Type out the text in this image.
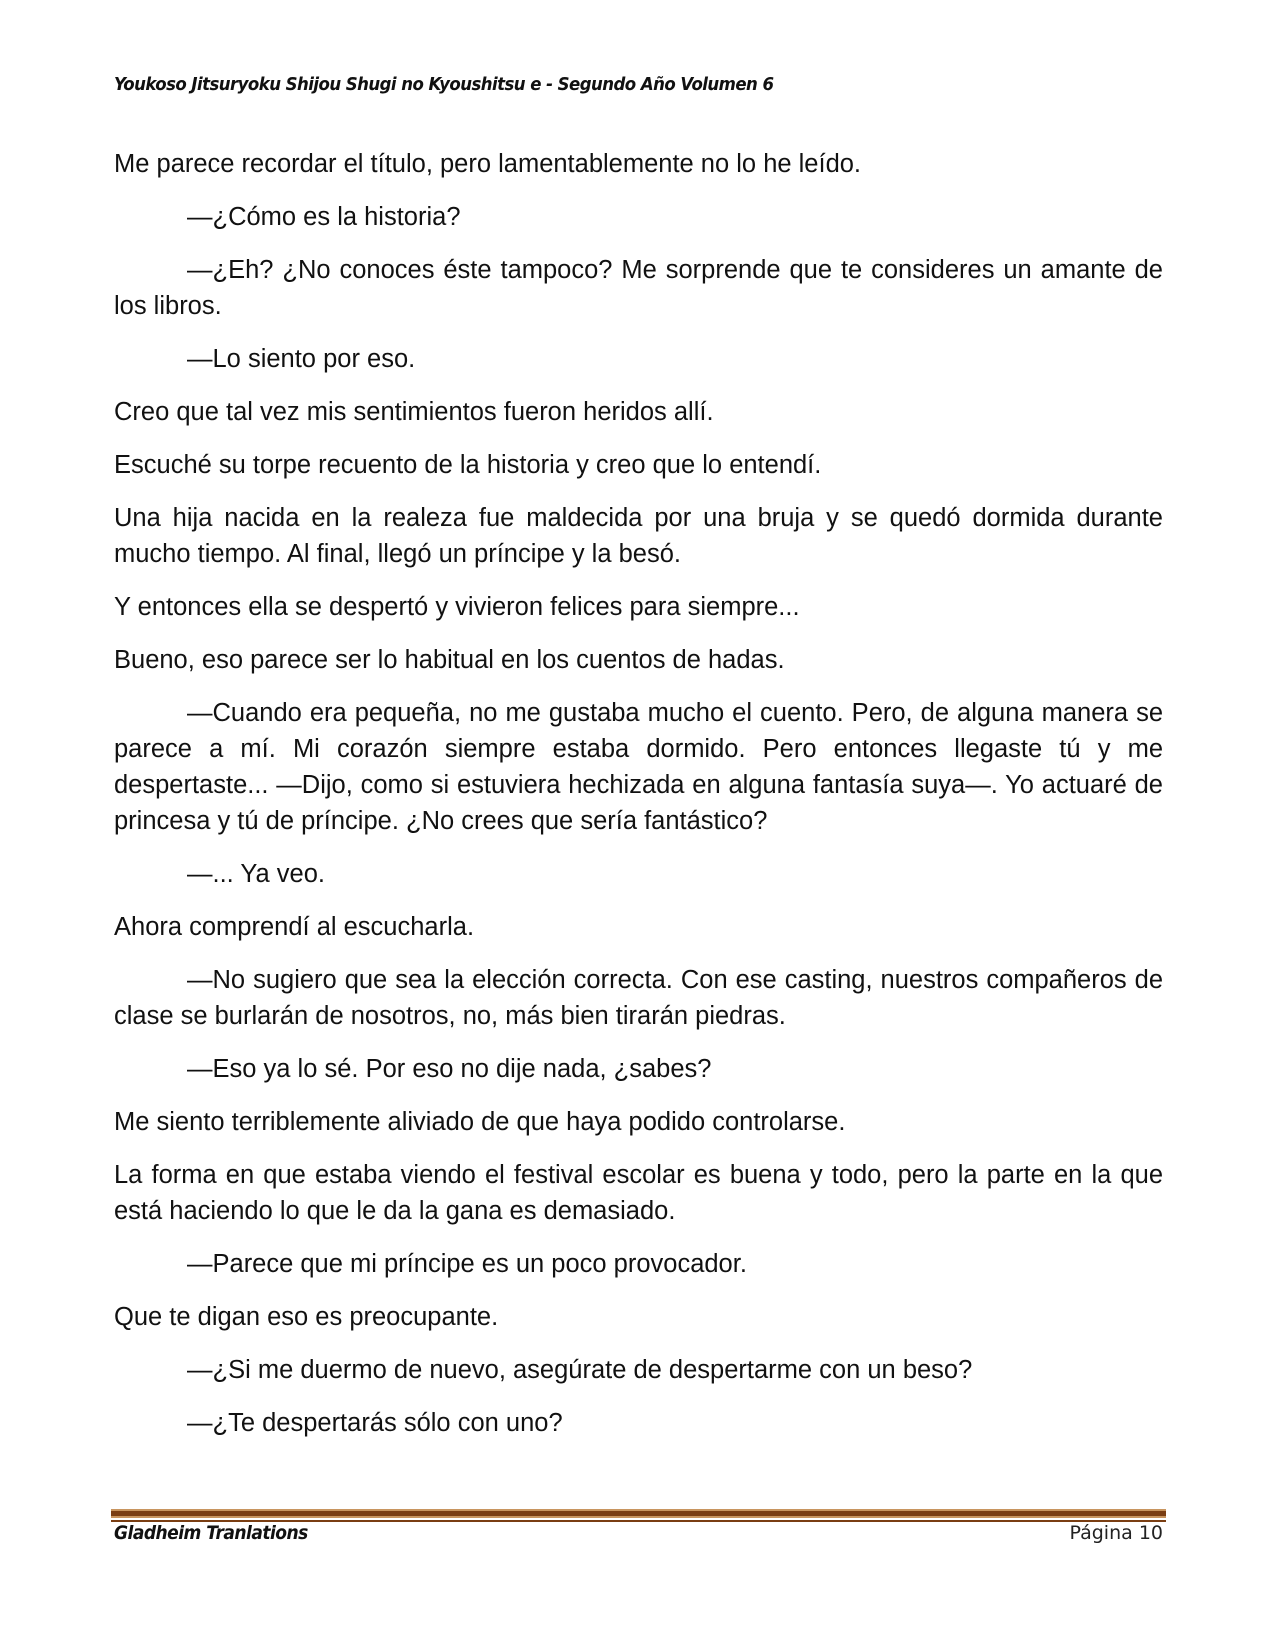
Youkoso Jitsuryoku Shijou Shugi no Kyoushitsu e - Segundo Año Volumen 6

Me parece recordar el título, pero lamentablemente no lo he leído.

—¿Cómo es la historia?

—¿Eh? ¿No conoces éste tampoco? Me sorprende que te consideres un amante de los libros.

—Lo siento por eso.

Creo que tal vez mis sentimientos fueron heridos allí.

Escuché su torpe recuento de la historia y creo que lo entendí.

Una hija nacida en la realeza fue maldecida por una bruja y se quedó dormida durante mucho tiempo. Al final, llegó un príncipe y la besó.

Y entonces ella se despertó y vivieron felices para siempre...

Bueno, eso parece ser lo habitual en los cuentos de hadas.

—Cuando era pequeña, no me gustaba mucho el cuento. Pero, de alguna manera se parece a mí. Mi corazón siempre estaba dormido. Pero entonces llegaste tú y me despertaste... —Dijo, como si estuviera hechizada en alguna fantasía suya—. Yo actuaré de princesa y tú de príncipe. ¿No crees que sería fantástico?

—... Ya veo.

Ahora comprendí al escucharla.

—No sugiero que sea la elección correcta. Con ese casting, nuestros compañeros de clase se burlarán de nosotros, no, más bien tirarán piedras.

—Eso ya lo sé. Por eso no dije nada, ¿sabes?

Me siento terriblemente aliviado de que haya podido controlarse.

La forma en que estaba viendo el festival escolar es buena y todo, pero la parte en la que está haciendo lo que le da la gana es demasiado.

—Parece que mi príncipe es un poco provocador.

Que te digan eso es preocupante.

—¿Si me duermo de nuevo, asegúrate de despertarme con un beso?

—¿Te despertarás sólo con uno?

Gladheim Tranlations	Página 10
